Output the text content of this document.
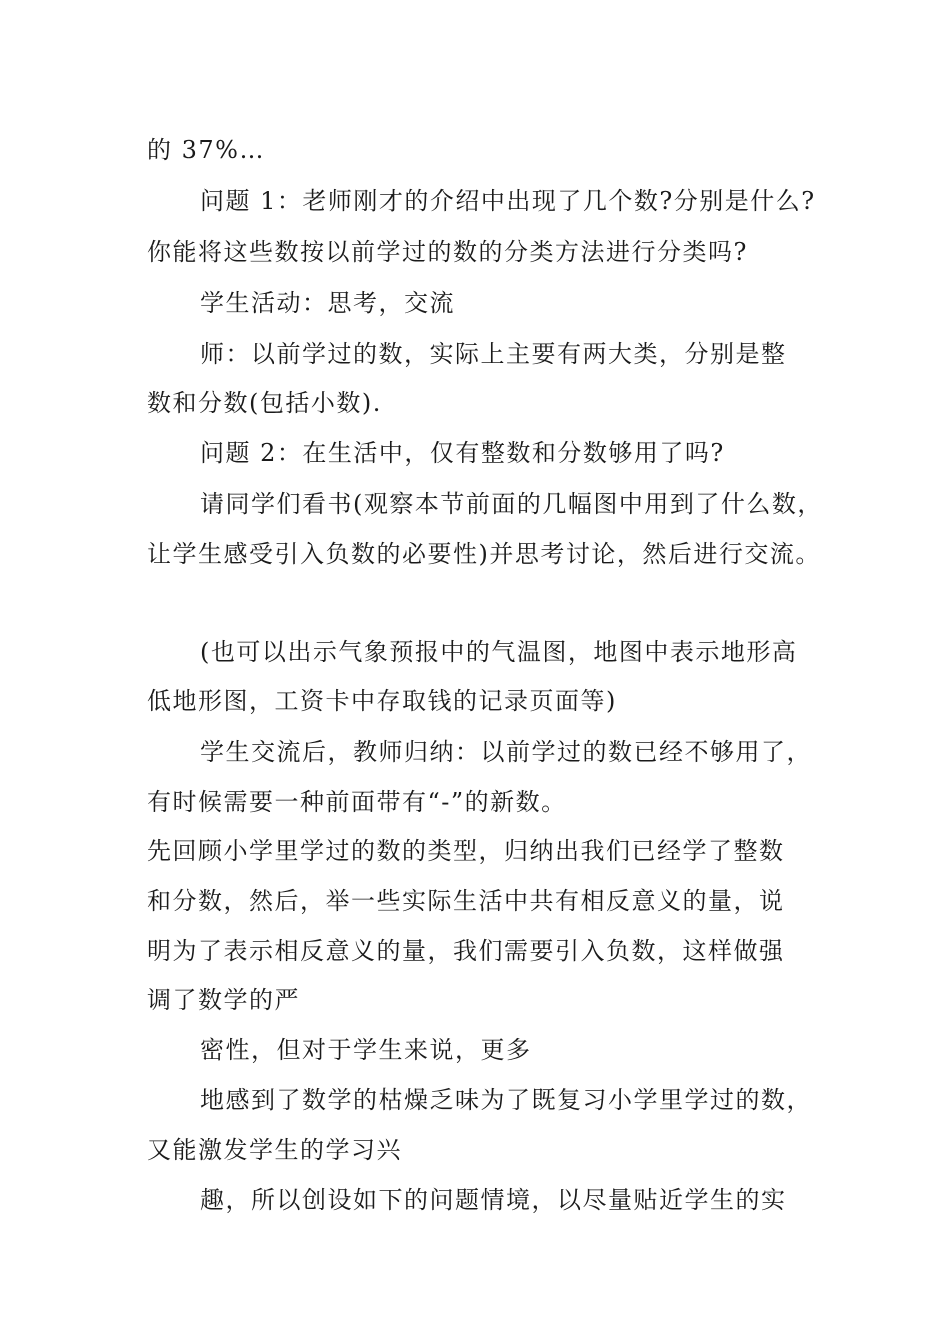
的 37%…
问题 1：老师刚才的介绍中出现了几个数?分别是什么?
你能将这些数按以前学过的数的分类方法进行分类吗?
学生活动：思考，交流
师：以前学过的数，实际上主要有两大类，分别是整
数和分数(包括小数).
问题 2：在生活中，仅有整数和分数够用了吗?
请同学们看书(观察本节前面的几幅图中用到了什么数，
让学生感受引入负数的必要性)并思考讨论，然后进行交流。
(也可以出示气象预报中的气温图，地图中表示地形高
低地形图，工资卡中存取钱的记录页面等)
学生交流后，教师归纳：以前学过的数已经不够用了，
有时候需要一种前面带有“-”的新数。
先回顾小学里学过的数的类型，归纳出我们已经学了整数
和分数，然后，举一些实际生活中共有相反意义的量，说
明为了表示相反意义的量，我们需要引入负数，这样做强
调了数学的严
密性，但对于学生来说，更多
地感到了数学的枯燥乏味为了既复习小学里学过的数，
又能激发学生的学习兴
趣，所以创设如下的问题情境，以尽量贴近学生的实
